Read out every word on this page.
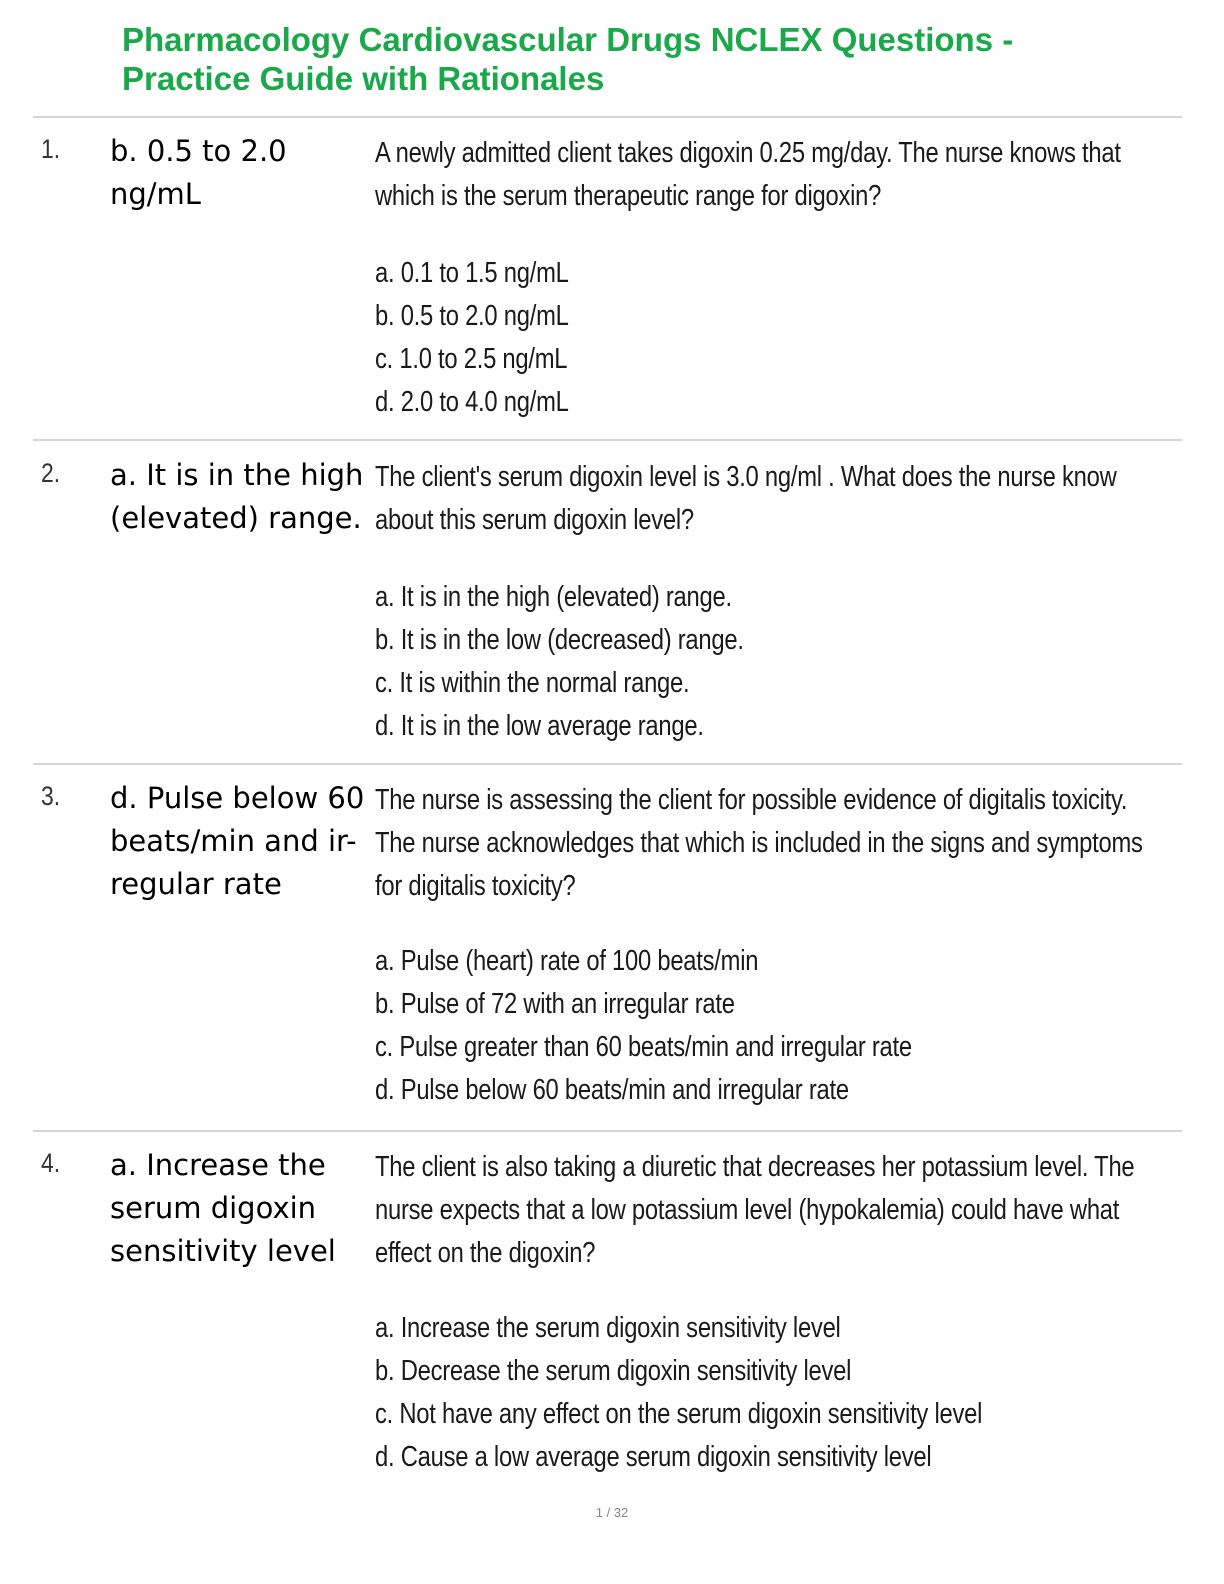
Pharmacology Cardiovascular Drugs NCLEX Questions -
Practice Guide with Rationales
1. b. 0.5 to 2.0 ng/mL
A newly admitted client takes digoxin 0.25 mg/day. The nurse knows that which is the serum therapeutic range for digoxin?
a. 0.1 to 1.5 ng/mL
b. 0.5 to 2.0 ng/mL
c. 1.0 to 2.5 ng/mL
d. 2.0 to 4.0 ng/mL
2. a. It is in the high (elevated) range.
The client's serum digoxin level is 3.0 ng/ml . What does the nurse know about this serum digoxin level?
a. It is in the high (elevated) range.
b. It is in the low (decreased) range.
c. It is within the normal range.
d. It is in the low average range.
3. d. Pulse below 60 beats/min and ir-regular rate
The nurse is assessing the client for possible evidence of digitalis toxicity. The nurse acknowledges that which is included in the signs and symptoms for digitalis toxicity?
a. Pulse (heart) rate of 100 beats/min
b. Pulse of 72 with an irregular rate
c. Pulse greater than 60 beats/min and irregular rate
d. Pulse below 60 beats/min and irregular rate
4. a. Increase the serum digoxin sensitivity level
The client is also taking a diuretic that decreases her potassium level. The nurse expects that a low potassium level (hypokalemia) could have what effect on the digoxin?
a. Increase the serum digoxin sensitivity level
b. Decrease the serum digoxin sensitivity level
c. Not have any effect on the serum digoxin sensitivity level
d. Cause a low average serum digoxin sensitivity level
1 / 32
